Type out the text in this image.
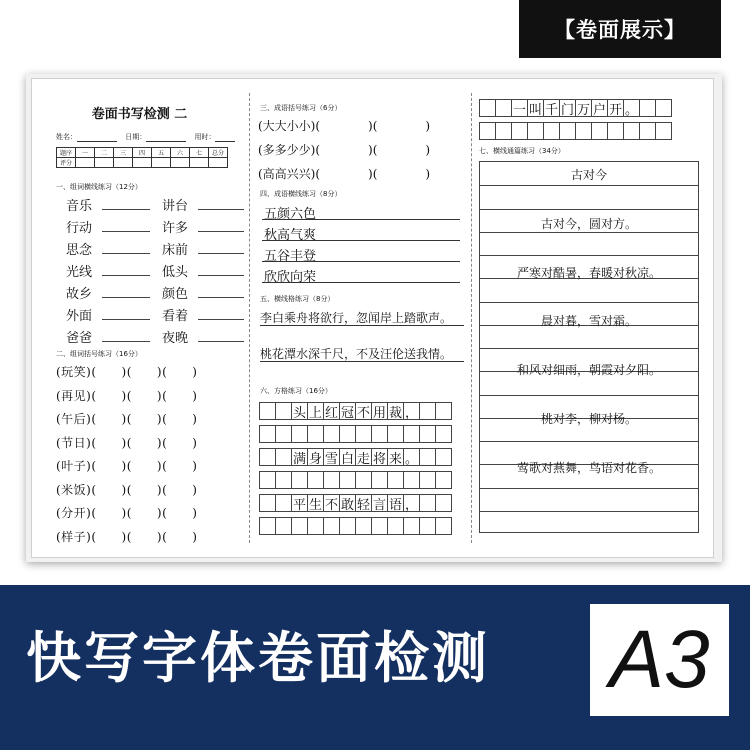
【卷面展示】
卷面书写检测 二
姓名：	日期：	用时：
题序	一	二	三	四	五	六	七	总分
评分								
一、组词横线练习（12分）
音乐	讲台
行动	许多
思念	床前
光线	低头
故乡	颜色
外面	看着
爸爸	夜晚
二、组词括号练习（16分）
(玩笑)(　　)(　　)(　　)
(再见)(　　)(　　)(　　)
(午后)(　　)(　　)(　　)
(节日)(　　)(　　)(　　)
(叶子)(　　)(　　)(　　)
(米饭)(　　)(　　)(　　)
(分开)(　　)(　　)(　　)
(样子)(　　)(　　)(　　)
三、成语括号练习（6分）
(大大小小)(　　　　)(　　　　)
(多多少少)(　　　　)(　　　　)
(高高兴兴)(　　　　)(　　　　)
四、成语横线练习（8分）
五颜六色
秋高气爽
五谷丰登
欣欣向荣
五、横线格练习（8分）
李白乘舟将欲行，忽闻岸上踏歌声。
桃花潭水深千尺，不及汪伦送我情。
六、方格练习（16分）
头 上 红 冠 不 用 裁 ，
满 身 雪 白 走 将 来 。
平 生 不 敢 轻 言 语 ，
一 叫 千 门 万 户 开 。
七、横线通篇练习（34分）
古对今
古对今，圆对方。
严寒对酷暑，春暖对秋凉。
晨对暮，雪对霜。
和风对细雨，朝霞对夕阳。
桃对李，柳对杨。
莺歌对燕舞，鸟语对花香。
快写字体卷面检测 A3
